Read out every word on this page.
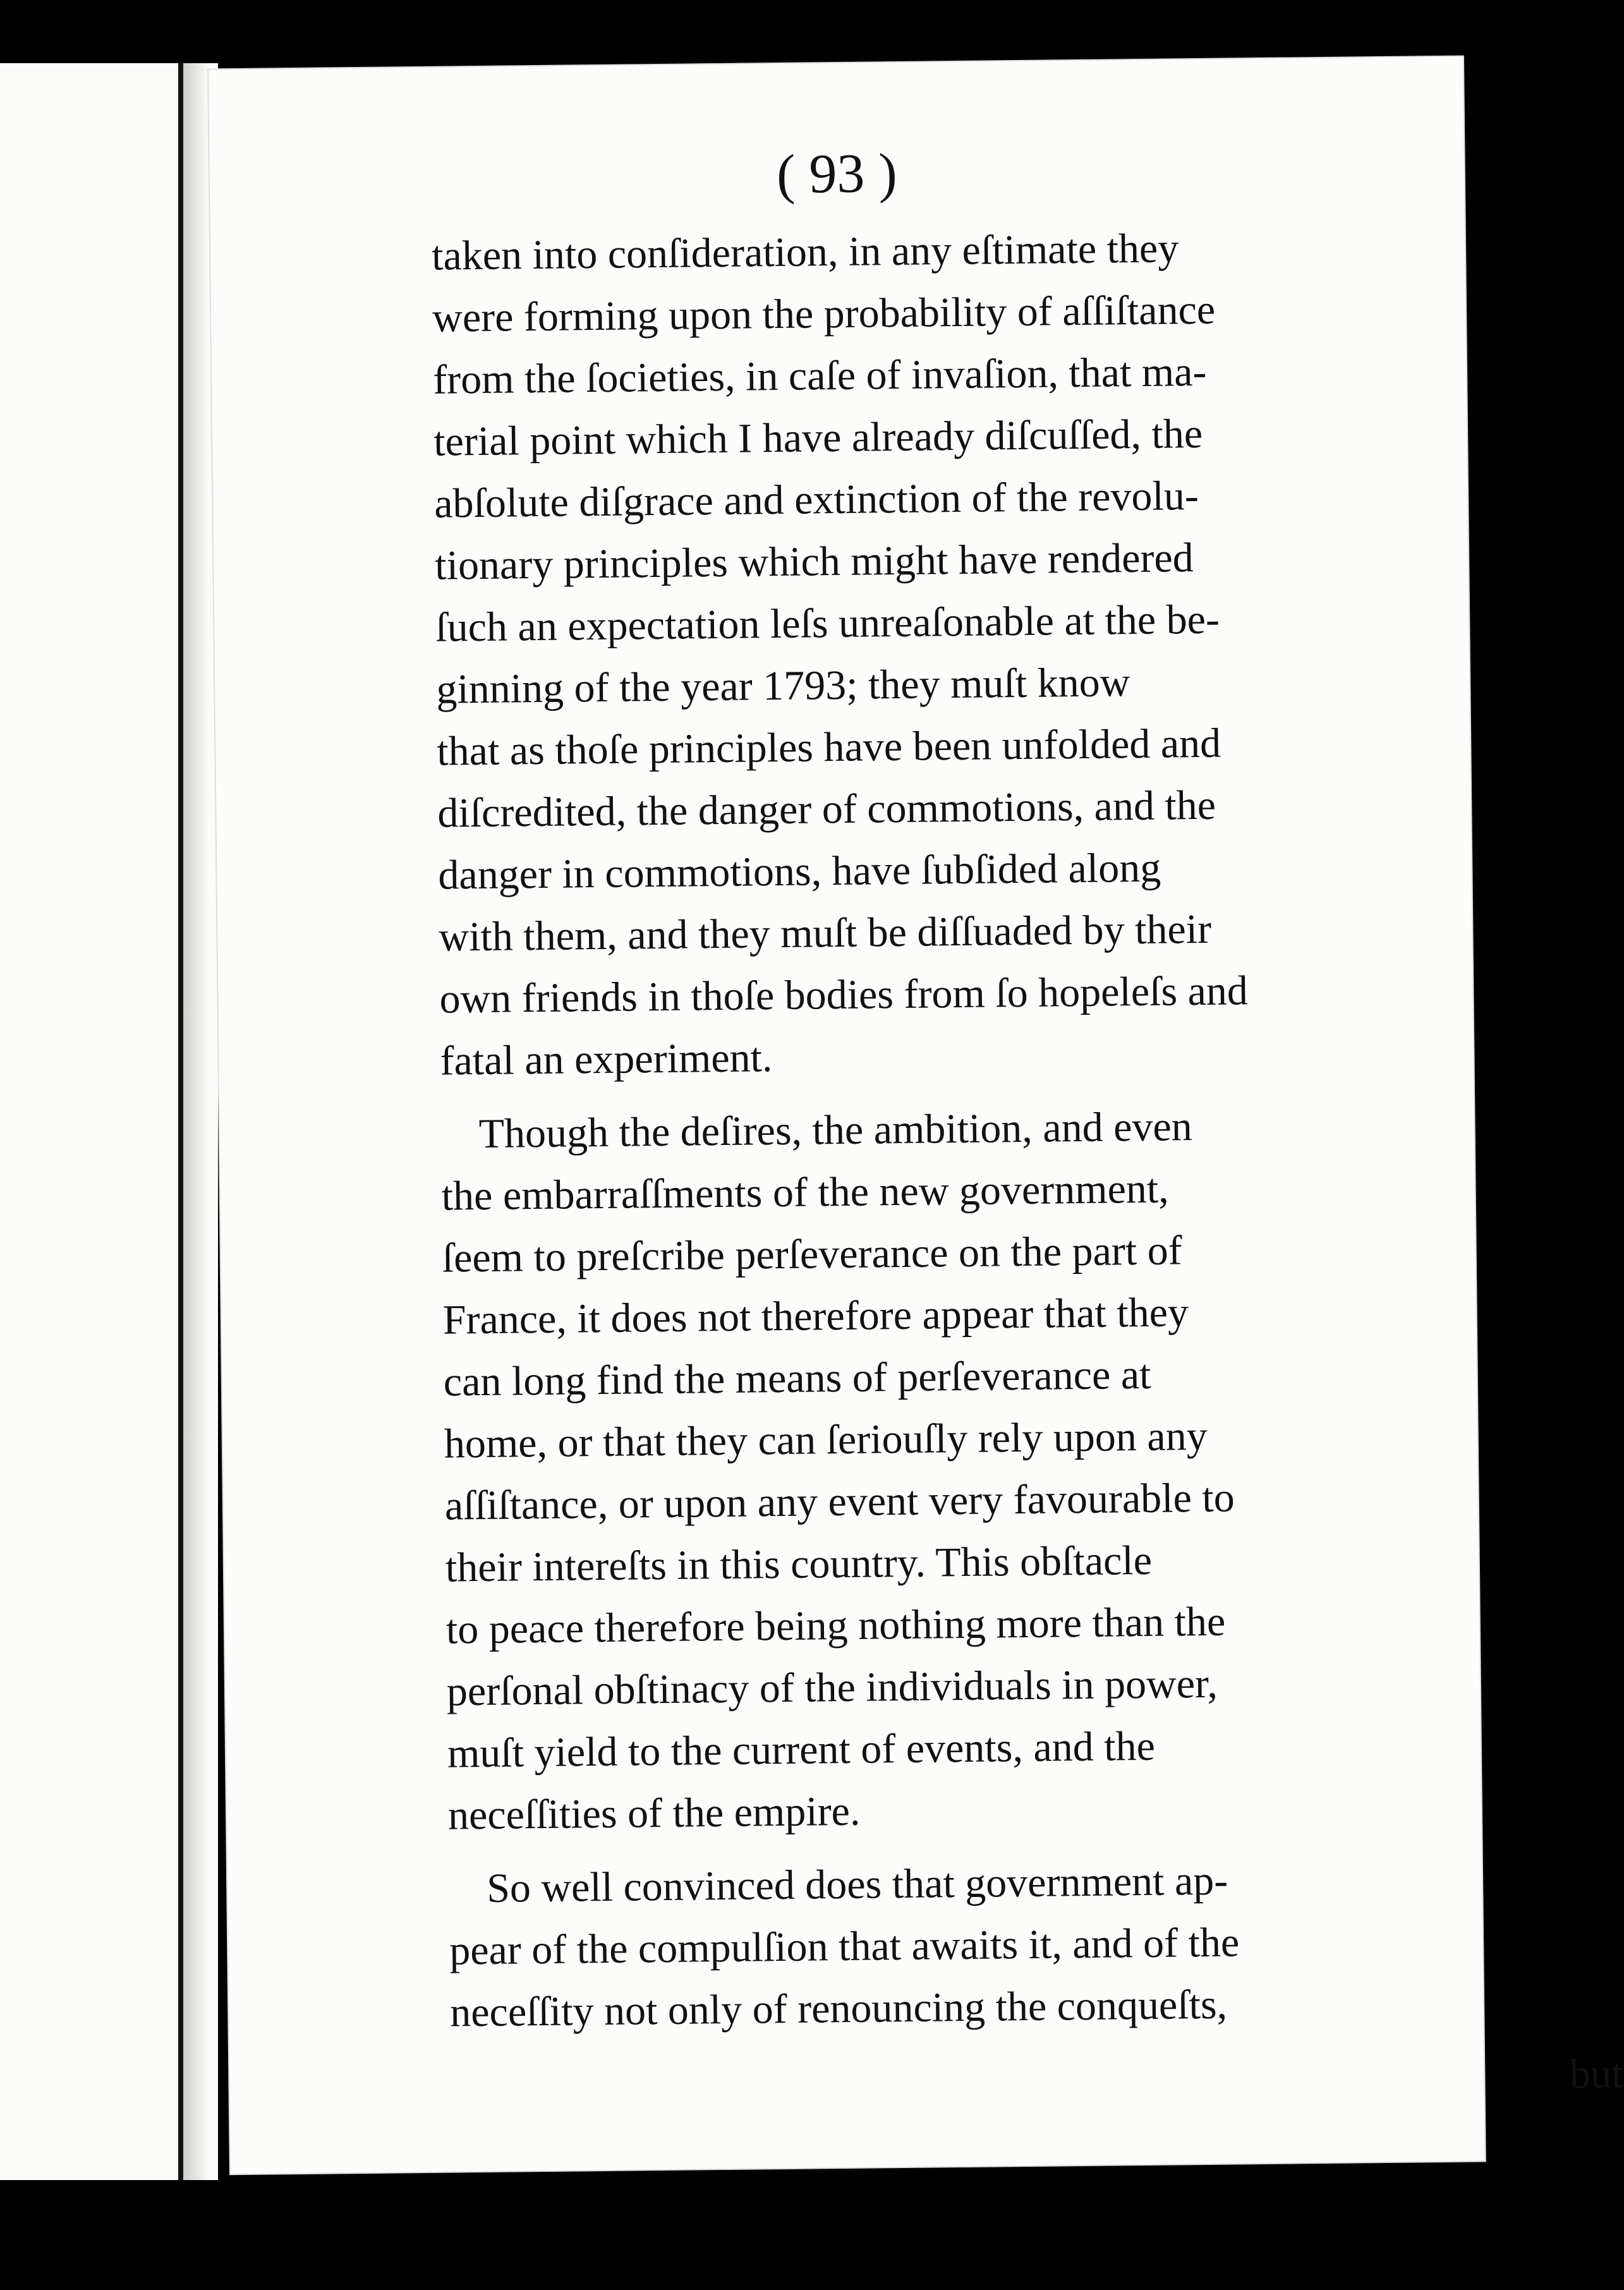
( 93 )

taken into conſideration, in any eſtimate they
were forming upon the probability of aſſiſtance
from the ſocieties, in caſe of invaſion, that ma-
terial point which I have already diſcuſſed, the
abſolute diſgrace and extinction of the revolu-
tionary principles which might have rendered
ſuch an expectation leſs unreaſonable at the be-
ginning of the year 1793; they muſt know
that as thoſe principles have been unfolded and
diſcredited, the danger of commotions, and the
danger in commotions, have ſubſided along
with them, and they muſt be diſſuaded by their
own friends in thoſe bodies from ſo hopeleſs and
fatal an experiment.

Though the deſires, the ambition, and even
the embarraſſments of the new government,
ſeem to preſcribe perſeverance on the part of
France, it does not therefore appear that they
can long find the means of perſeverance at
home, or that they can ſeriouſly rely upon any
aſſiſtance, or upon any event very favourable to
their intereſts in this country. This obſtacle
to peace therefore being nothing more than the
perſonal obſtinacy of the individuals in power,
muſt yield to the current of events, and the
neceſſities of the empire.

So well convinced does that government ap-
pear of the compulſion that awaits it, and of the
neceſſity not only of renouncing the conqueſts,

but
